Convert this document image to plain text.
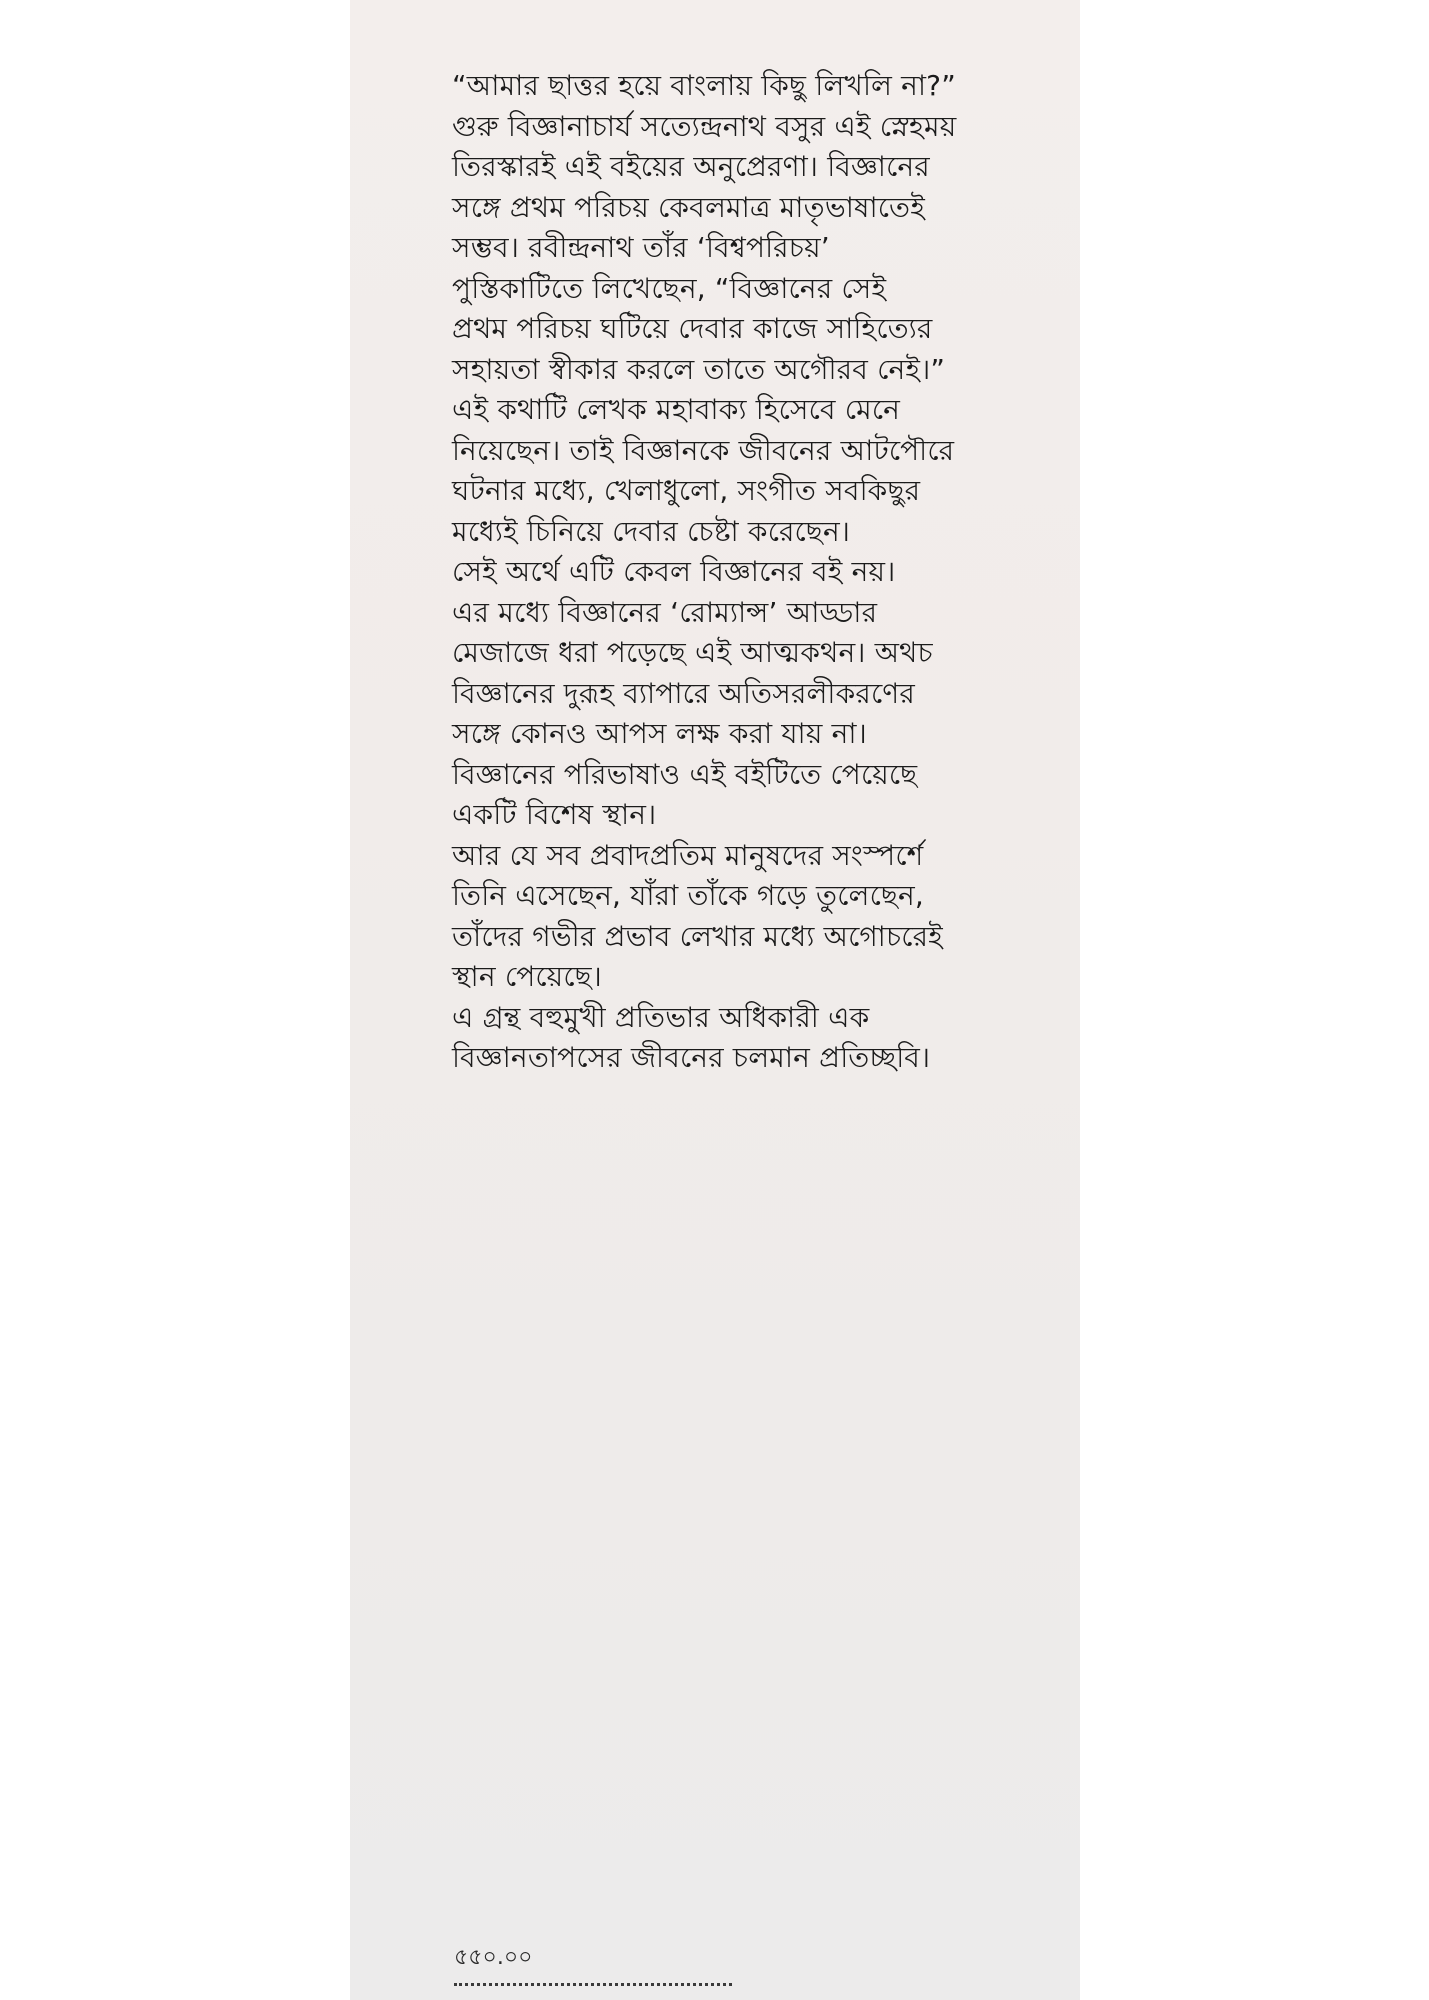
“আমার ছাত্তর হয়ে বাংলায় কিছু লিখলি না?”
গুরু বিজ্ঞানাচার্য সত্যেন্দ্রনাথ বসুর এই স্নেহময়
তিরস্কারই এই বইয়ের অনুপ্রেরণা। বিজ্ঞানের
সঙ্গে প্রথম পরিচয় কেবলমাত্র মাতৃভাষাতেই
সম্ভব। রবীন্দ্রনাথ তাঁর ‘বিশ্বপরিচয়’
পুস্তিকাটিতে লিখেছেন, “বিজ্ঞানের সেই
প্রথম পরিচয় ঘটিয়ে দেবার কাজে সাহিত্যের
সহায়তা স্বীকার করলে তাতে অগৌরব নেই।”
এই কথাটি লেখক মহাবাক্য হিসেবে মেনে
নিয়েছেন। তাই বিজ্ঞানকে জীবনের আটপৌরে
ঘটনার মধ্যে, খেলাধুলো, সংগীত সবকিছুর
মধ্যেই চিনিয়ে দেবার চেষ্টা করেছেন।
সেই অর্থে এটি কেবল বিজ্ঞানের বই নয়।
এর মধ্যে বিজ্ঞানের ‘রোম্যান্স’ আড্ডার
মেজাজে ধরা পড়েছে এই আত্মকথন। অথচ
বিজ্ঞানের দুরূহ ব্যাপারে অতিসরলীকরণের
সঙ্গে কোনও আপস লক্ষ করা যায় না।
বিজ্ঞানের পরিভাষাও এই বইটিতে পেয়েছে
একটি বিশেষ স্থান।
আর যে সব প্রবাদপ্রতিম মানুষদের সংস্পর্শে
তিনি এসেছেন, যাঁরা তাঁকে গড়ে তুলেছেন,
তাঁদের গভীর প্রভাব লেখার মধ্যে অগোচরেই
স্থান পেয়েছে।
এ গ্রন্থ বহুমুখী প্রতিভার অধিকারী এক
বিজ্ঞানতাপসের জীবনের চলমান প্রতিচ্ছবি।
৫৫০.০০
